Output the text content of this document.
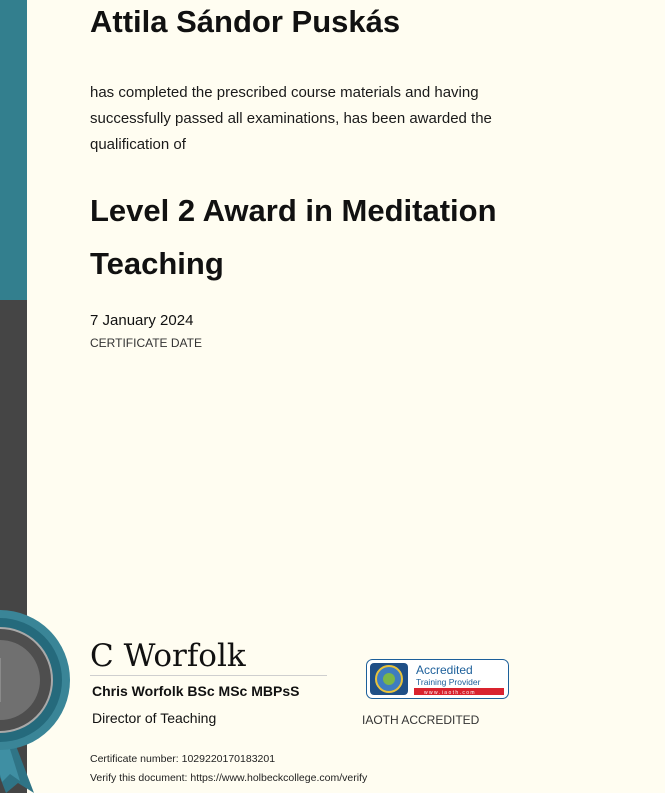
Attila Sándor Puskás

has completed the prescribed course materials and having successfully passed all examinations, has been awarded the qualification of

Level 2 Award in Meditation Teaching
7 January 2024
CERTIFICATE DATE
C Worfolk
Chris Worfolk BSc MSc MBPsS
Director of Teaching
Accredited
Training Provider
w w w . i a o t h . c o m
IAOTH ACCREDITED
Certificate number: 1029220170183201
Verify this document: https://www.holbeckcollege.com/verify
